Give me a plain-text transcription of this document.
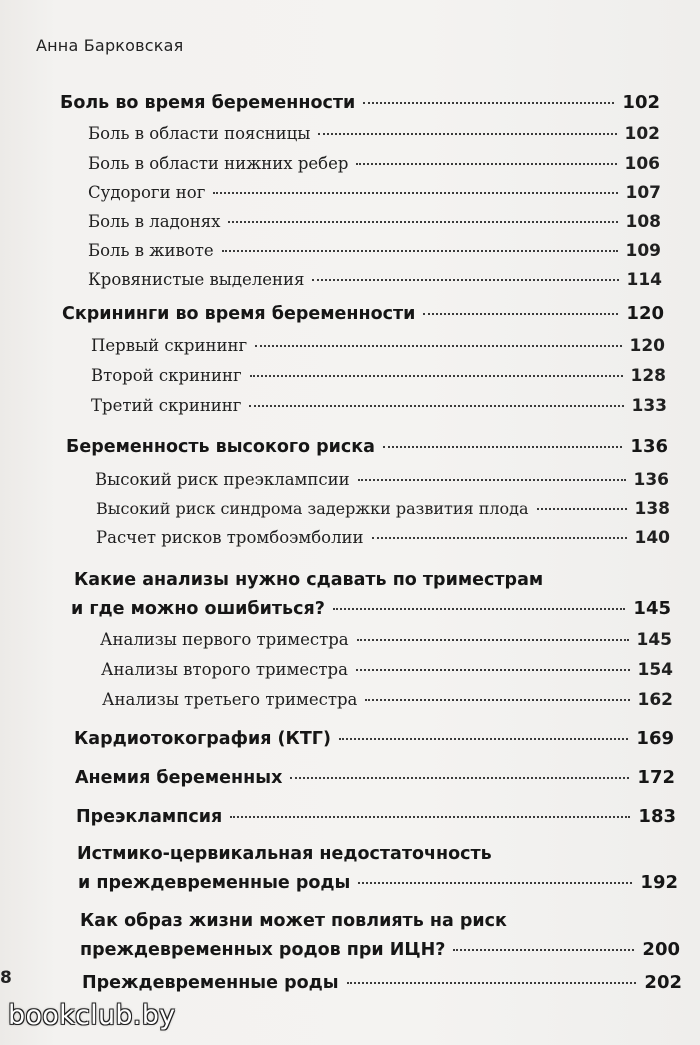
Анна Барковская
Боль во время беременности	102
Боль в области поясницы	102
Боль в области нижних ребер	106
Судороги ног	107
Боль в ладонях	108
Боль в животе	109
Кровянистые выделения	114
Скрининги во время беременности	120
Первый скрининг	120
Второй скрининг	128
Третий скрининг	133
Беременность высокого риска	136
Высокий риск преэклампсии	136
Высокий риск синдрома задержки развития плода	138
Расчет рисков тромбоэмболии	140
Какие анализы нужно сдавать по триместрам
и где можно ошибиться?	145
Анализы первого триместра	145
Анализы второго триместра	154
Анализы третьего триместра	162
Кардиотокография (КТГ)	169
Анемия беременных	172
Преэклампсия	183
Истмико-цервикальная недостаточность
и преждевременные роды	192
Как образ жизни может повлиять на риск
преждевременных родов при ИЦН?	200
Преждевременные роды	202
8
bookclub.by
